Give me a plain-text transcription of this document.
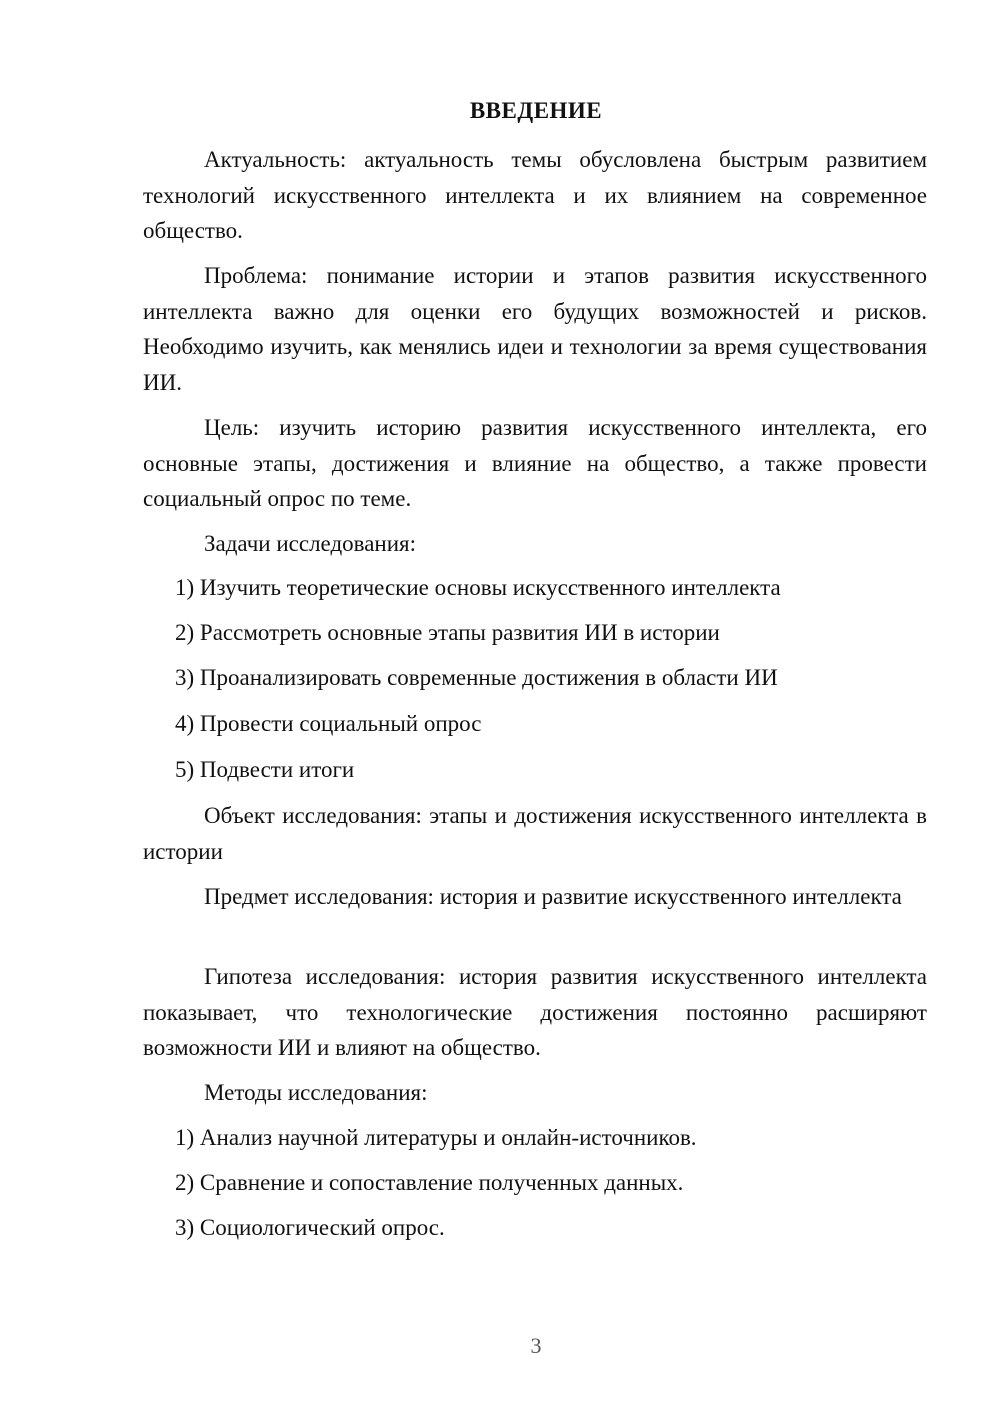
ВВЕДЕНИЕ

Актуальность: актуальность темы обусловлена быстрым развитием технологий искусственного интеллекта и их влиянием на современное общество.

Проблема: понимание истории и этапов развития искусственного интеллекта важно для оценки его будущих возможностей и рисков. Необходимо изучить, как менялись идеи и технологии за время существования ИИ.

Цель: изучить историю развития искусственного интеллекта, его основные этапы, достижения и влияние на общество, а также провести социальный опрос по теме.

Задачи исследования:

1) Изучить теоретические основы искусственного интеллекта
2) Рассмотреть основные этапы развития ИИ в истории
3) Проанализировать современные достижения в области ИИ
4) Провести социальный опрос
5) Подвести итоги

Объект исследования: этапы и достижения искусственного интеллекта в истории

Предмет исследования: история и развитие искусственного интеллекта

Гипотеза исследования: история развития искусственного интеллекта показывает, что технологические достижения постоянно расширяют возможности ИИ и влияют на общество.

Методы исследования:

1) Анализ научной литературы и онлайн-источников.
2) Сравнение и сопоставление полученных данных.
3) Социологический опрос.
3
